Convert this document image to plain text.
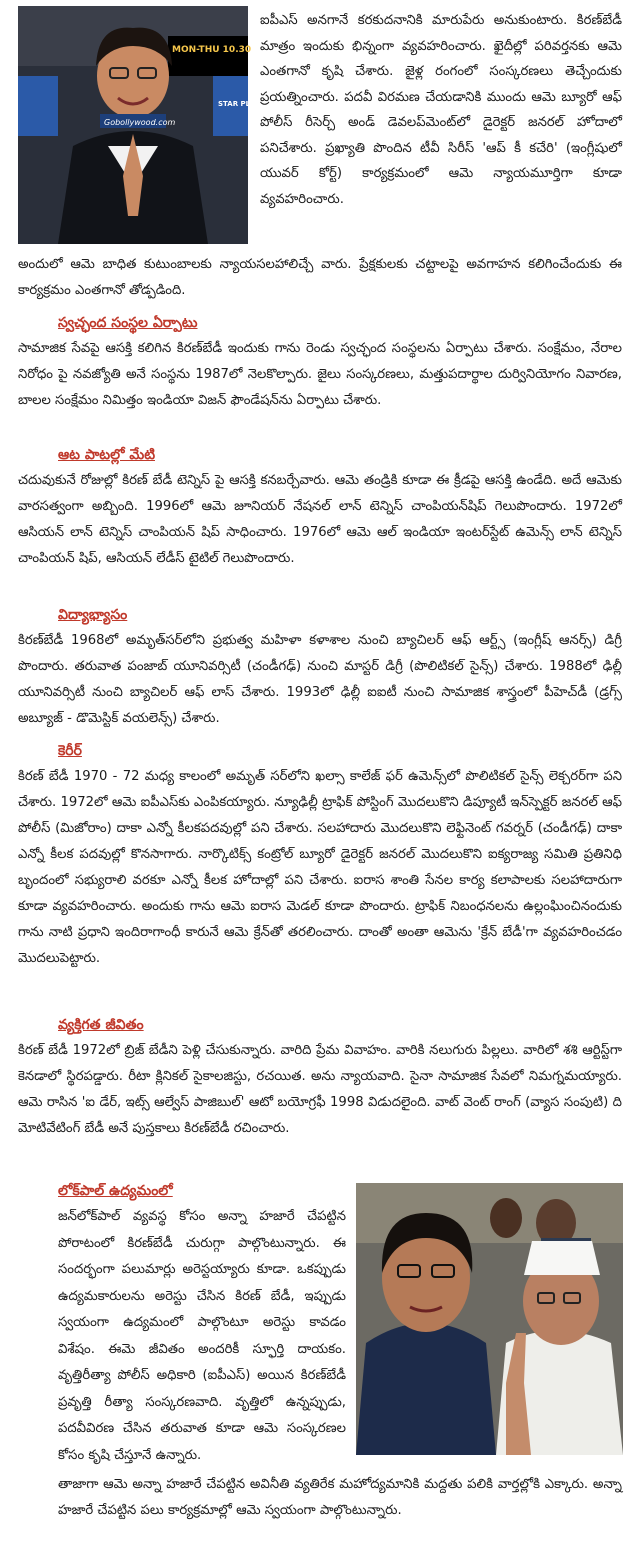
MON-THU 10.30
STAR PLUS
Gobollywood.com

ఐపీఎస్ అనగానే కరకుదనానికి మారుపేరు అనుకుంటారు. కిరణ్‌బేడీ మాత్రం ఇందుకు భిన్నంగా వ్యవహరించారు. ఖైదీల్లో పరివర్తనకు ఆమె ఎంతగానో కృషి చేశారు. జైళ్ల రంగంలో సంస్కరణలు తెచ్చేందుకు ప్రయత్నించారు. పదవీ విరమణ చేయడానికి ముందు ఆమె బ్యూరో ఆఫ్ పోలీస్ రీసెర్చ్ అండ్ డెవలప్‌మెంట్‌లో డైరెక్టర్ జనరల్ హోదాలో పనిచేశారు. ప్రఖ్యాతి పొందిన టీవీ సిరీస్ 'ఆప్ కీ కచేరి' (ఇంగ్లీషులో యువర్ కోర్ట్) కార్యక్రమంలో ఆమె న్యాయమూర్తిగా కూడా వ్యవహరించారు.

అందులో ఆమె బాధిత కుటుంబాలకు న్యాయసలహాలిచ్చే వారు. ప్రేక్షకులకు చట్టాలపై అవగాహన కలిగించేందుకు ఈ కార్యక్రమం ఎంతగానో తోడ్పడింది.

స్వచ్ఛంద సంస్థల ఏర్పాటు

సామాజిక సేవపై ఆసక్తి కలిగిన కిరణ్‌బేడీ ఇందుకు గాను రెండు స్వచ్ఛంద సంస్థలను ఏర్పాటు చేశారు. సంక్షేమం, నేరాల నిరోధం పై నవజ్యోతి అనే సంస్థను 1987లో నెలకొల్పారు. జైలు సంస్కరణలు, మత్తుపదార్థాల దుర్వినియోగం నివారణ, బాలల సంక్షేమం నిమిత్తం ఇండియా విజన్ ఫౌండేషన్‌ను ఏర్పాటు చేశారు.

ఆట పాటల్లో మేటి

చదువుకునే రోజుల్లో కిరణ్ బేడీ టెన్నిస్ పై ఆసక్తి కనబర్చేవారు. ఆమె తండ్రికి కూడా ఈ క్రీడపై ఆసక్తి ఉండేది. అదే ఆమెకు వారసత్వంగా అబ్బింది. 1996లో ఆమె జూనియర్ నేషనల్ లాన్ టెన్నిస్ చాంపియన్‌షిప్ గెలుపొందారు. 1972లో ఆసియన్ లాన్ టెన్నిస్ చాంపియన్ షిప్ సాధించారు. 1976లో ఆమె ఆల్ ఇండియా ఇంటర్‌స్టేట్ ఉమెన్స్ లాన్ టెన్నిస్ చాంపియన్ షిప్, ఆసియన్ లేడీస్ టైటిల్ గెలుపొందారు.

విద్యాభ్యాసం

కిరణ్‌బేడీ 1968లో అమృత్‌సర్‌లోని ప్రభుత్వ మహిళా కళాశాల నుంచి బ్యాచిలర్ ఆఫ్ ఆర్ట్స్ (ఇంగ్లీష్ ఆనర్స్) డిగ్రీ పొందారు. తరువాత పంజాబ్ యూనివర్సిటీ (చండీగఢ్) నుంచి మాస్టర్ డిగ్రీ (పొలిటికల్ సైన్స్) చేశారు. 1988లో ఢిల్లీ యూనివర్సిటీ నుంచి బ్యాచిలర్ ఆఫ్ లాస్ చేశారు. 1993లో ఢిల్లీ ఐఐటీ నుంచి సామాజిక శాస్త్రంలో పీహెచ్‌డీ (డ్రగ్స్ అబ్యూజ్ - డొమెస్టిక్ వయలెన్స్) చేశారు.

కెరీర్

కిరణ్ బేడీ 1970 - 72 మధ్య కాలంలో అమృత్ సర్‌లోని ఖల్సా కాలేజ్ ఫర్ ఉమెన్స్‌లో పొలిటికల్ సైన్స్ లెక్చరర్‌గా పని చేశారు. 1972లో ఆమె ఐపీఎస్‌కు ఎంపికయ్యారు. న్యూఢిల్లీ ట్రాఫిక్ పోస్టింగ్ మొదలుకొని డిప్యూటీ ఇన్‌స్పెక్టర్ జనరల్ ఆఫ్ పోలీస్ (మిజోరాం) దాకా ఎన్నో కీలకపదవుల్లో పని చేశారు. సలహాదారు మొదలుకొని లెఫ్టినెంట్ గవర్నర్ (చండీగఢ్) దాకా ఎన్నో కీలక పదవుల్లో కొనసాగారు. నార్కొటిక్స్ కంట్రోల్ బ్యూరో డైరెక్టర్ జనరల్ మొదలుకొని ఐక్యరాజ్య సమితి ప్రతినిధి బృందంలో సభ్యురాలి వరకూ ఎన్నో కీలక హోదాల్లో పని చేశారు. ఐరాస శాంతి సేనల కార్య కలాపాలకు సలహాదారుగా కూడా వ్యవహరించారు. అందుకు గాను ఆమె ఐరాస మెడల్ కూడా పొందారు. ట్రాఫిక్ నిబంధనలను ఉల్లంఘించినందుకు గాను నాటి ప్రధాని ఇందిరాగాంధీ కారునే ఆమె క్రేన్‌తో తరలించారు. దాంతో అంతా ఆమెను 'క్రేన్ బేడీ'గా వ్యవహరించడం మొదలుపెట్టారు.

వ్యక్తిగత జీవితం

కిరణ్ బేడీ 1972లో బ్రిజ్ బేడీని పెళ్లి చేసుకున్నారు. వారిది ప్రేమ వివాహం. వారికి నలుగురు పిల్లలు. వారిలో శశి ఆర్టిస్ట్‌గా కెనడాలో స్థిరపడ్డారు. రీటా క్లినికల్ సైకాలజిస్టు, రచయిత. అను న్యాయవాది. సైనా సామాజిక సేవలో నిమగ్నమయ్యారు. ఆమె రాసిన 'ఐ డేర్, ఇట్స్ ఆల్వేస్ పాజిబుల్' ఆటో బయోగ్రఫీ 1998 విడుదలైంది. వాట్ వెంట్ రాంగ్ (వ్యాస సంపుటి) ది మోటివేటింగ్ బేడీ అనే పుస్తకాలు కిరణ్‌బేడీ రచించారు.

లోక్‌పాల్ ఉద్యమంలో

జన్‌లోక్‌పాల్ వ్యవస్థ కోసం అన్నా హజారే చేపట్టిన పోరాటంలో కిరణ్‌బేడీ చురుగ్గా పాల్గొంటున్నారు. ఈ సందర్భంగా పలుమార్లు అరెస్టయ్యారు కూడా. ఒకప్పుడు ఉద్యమకారులను అరెస్టు చేసిన కిరణ్ బేడీ, ఇప్పుడు స్వయంగా ఉద్యమంలో పాల్గొంటూ అరెస్టు కావడం విశేషం. ఈమె జీవితం అందరికీ స్ఫూర్తి దాయకం. వృత్తిరీత్యా పోలీస్ అధికారి (ఐపీఎస్) అయిన కిరణ్‌బేడీ ప్రవృత్తి రీత్యా సంస్కరణవాది. వృత్తిలో ఉన్నప్పుడు, పదవీవిరణ చేసిన తరువాత కూడా ఆమె సంస్కరణల కోసం కృషి చేస్తూనే ఉన్నారు.

తాజాగా ఆమె అన్నా హజారే చేపట్టిన అవినీతి వ్యతిరేక మహోద్యమానికి మద్దతు పలికి వార్తల్లోకి ఎక్కారు. అన్నా హజారే చేపట్టిన పలు కార్యక్రమాల్లో ఆమె స్వయంగా పాల్గొంటున్నారు.
